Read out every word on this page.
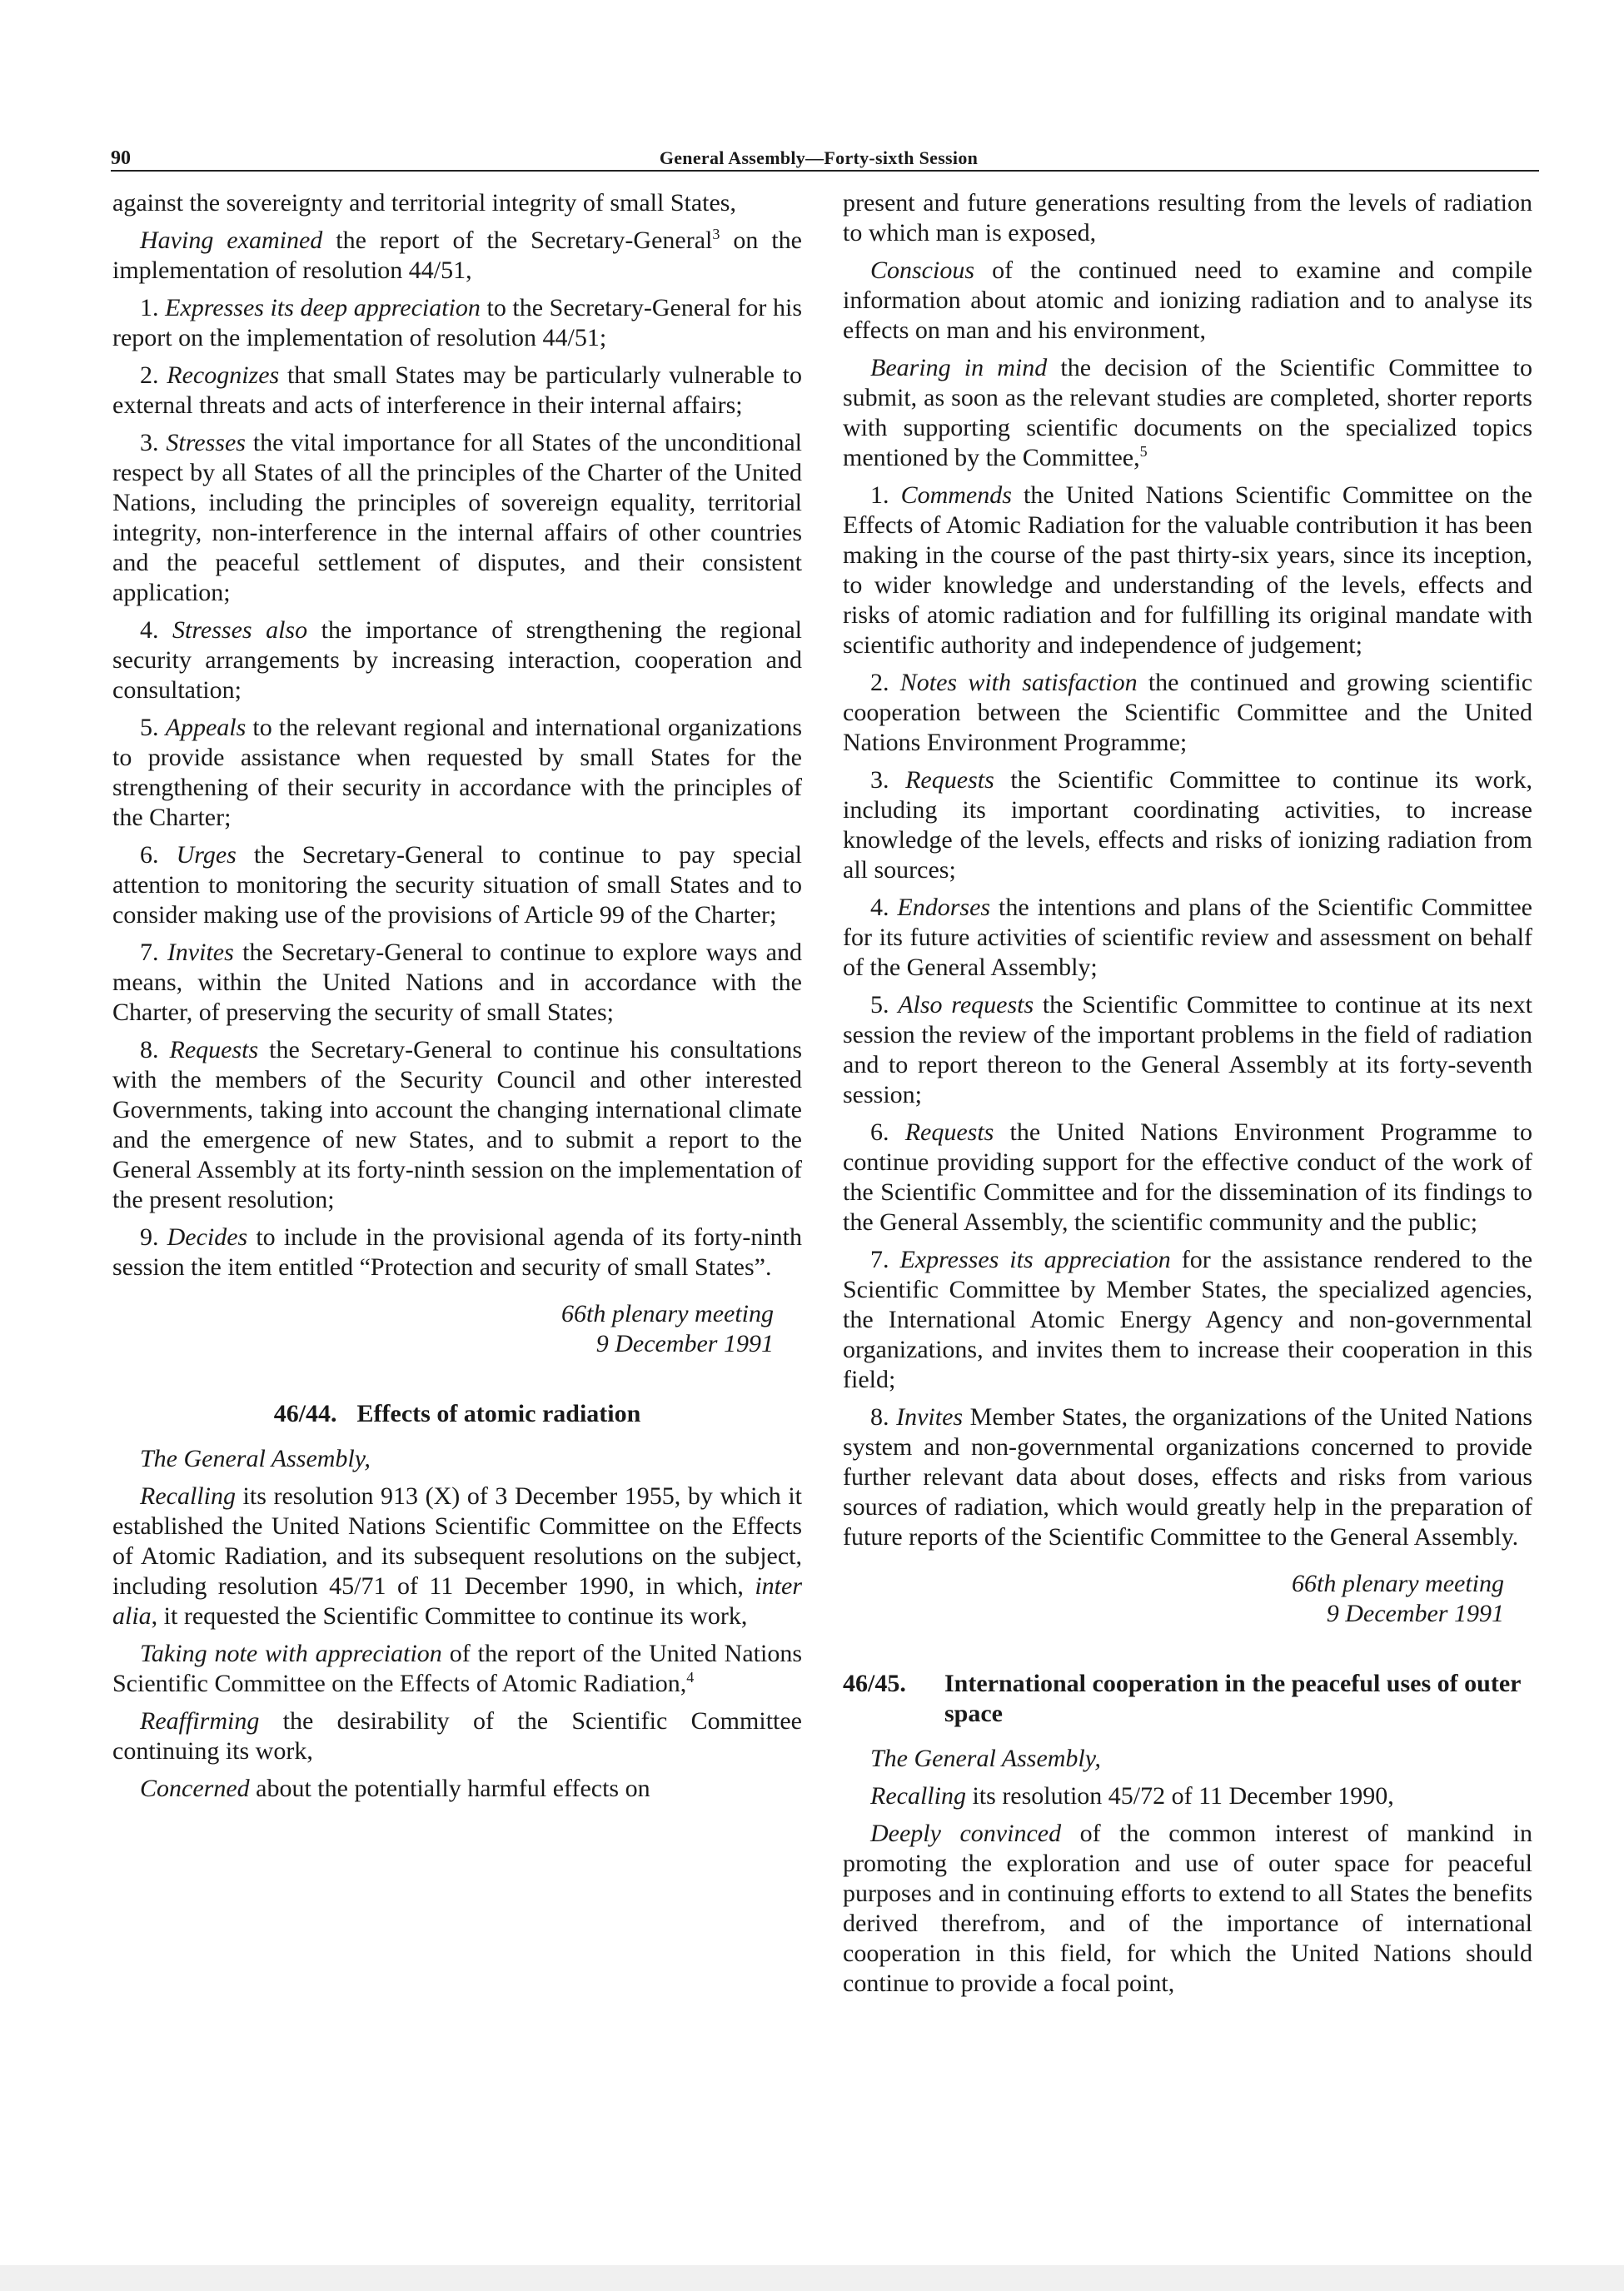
90	General Assembly—Forty-sixth Session

against the sovereignty and territorial integrity of small States,

Having examined the report of the Secretary-General$^3$ on the implementation of resolution 44/51,

1. Expresses its deep appreciation to the Secretary-General for his report on the implementation of resolution 44/51;

2. Recognizes that small States may be particularly vulnerable to external threats and acts of interference in their internal affairs;

3. Stresses the vital importance for all States of the unconditional respect by all States of all the principles of the Charter of the United Nations, including the principles of sovereign equality, territorial integrity, non-interference in the internal affairs of other countries and the peaceful settlement of disputes, and their consistent application;

4. Stresses also the importance of strengthening the regional security arrangements by increasing interaction, cooperation and consultation;

5. Appeals to the relevant regional and international organizations to provide assistance when requested by small States for the strengthening of their security in accordance with the principles of the Charter;

6. Urges the Secretary-General to continue to pay special attention to monitoring the security situation of small States and to consider making use of the provisions of Article 99 of the Charter;

7. Invites the Secretary-General to continue to explore ways and means, within the United Nations and in accordance with the Charter, of preserving the security of small States;

8. Requests the Secretary-General to continue his consultations with the members of the Security Council and other interested Governments, taking into account the changing international climate and the emergence of new States, and to submit a report to the General Assembly at its forty-ninth session on the implementation of the present resolution;

9. Decides to include in the provisional agenda of its forty-ninth session the item entitled “Protection and security of small States”.

66th plenary meeting
9 December 1991
46/44. Effects of atomic radiation

The General Assembly,

Recalling its resolution 913 (X) of 3 December 1955, by which it established the United Nations Scientific Committee on the Effects of Atomic Radiation, and its subsequent resolutions on the subject, including resolution 45/71 of 11 December 1990, in which, inter alia, it requested the Scientific Committee to continue its work,

Taking note with appreciation of the report of the United Nations Scientific Committee on the Effects of Atomic Radiation,$^4$

Reaffirming the desirability of the Scientific Committee continuing its work,

Concerned about the potentially harmful effects on

present and future generations resulting from the levels of radiation to which man is exposed,

Conscious of the continued need to examine and compile information about atomic and ionizing radiation and to analyse its effects on man and his environment,

Bearing in mind the decision of the Scientific Committee to submit, as soon as the relevant studies are completed, shorter reports with supporting scientific documents on the specialized topics mentioned by the Committee,$^5$

1. Commends the United Nations Scientific Committee on the Effects of Atomic Radiation for the valuable contribution it has been making in the course of the past thirty-six years, since its inception, to wider knowledge and understanding of the levels, effects and risks of atomic radiation and for fulfilling its original mandate with scientific authority and independence of judgement;

2. Notes with satisfaction the continued and growing scientific cooperation between the Scientific Committee and the United Nations Environment Programme;

3. Requests the Scientific Committee to continue its work, including its important coordinating activities, to increase knowledge of the levels, effects and risks of ionizing radiation from all sources;

4. Endorses the intentions and plans of the Scientific Committee for its future activities of scientific review and assessment on behalf of the General Assembly;

5. Also requests the Scientific Committee to continue at its next session the review of the important problems in the field of radiation and to report thereon to the General Assembly at its forty-seventh session;

6. Requests the United Nations Environment Programme to continue providing support for the effective conduct of the work of the Scientific Committee and for the dissemination of its findings to the General Assembly, the scientific community and the public;

7. Expresses its appreciation for the assistance rendered to the Scientific Committee by Member States, the specialized agencies, the International Atomic Energy Agency and non-governmental organizations, and invites them to increase their cooperation in this field;

8. Invites Member States, the organizations of the United Nations system and non-governmental organizations concerned to provide further relevant data about doses, effects and risks from various sources of radiation, which would greatly help in the preparation of future reports of the Scientific Committee to the General Assembly.

66th plenary meeting
9 December 1991
46/45.	International cooperation in the peaceful uses of outer space

The General Assembly,

Recalling its resolution 45/72 of 11 December 1990,

Deeply convinced of the common interest of mankind in promoting the exploration and use of outer space for peaceful purposes and in continuing efforts to extend to all States the benefits derived therefrom, and of the importance of international cooperation in this field, for which the United Nations should continue to provide a focal point,
